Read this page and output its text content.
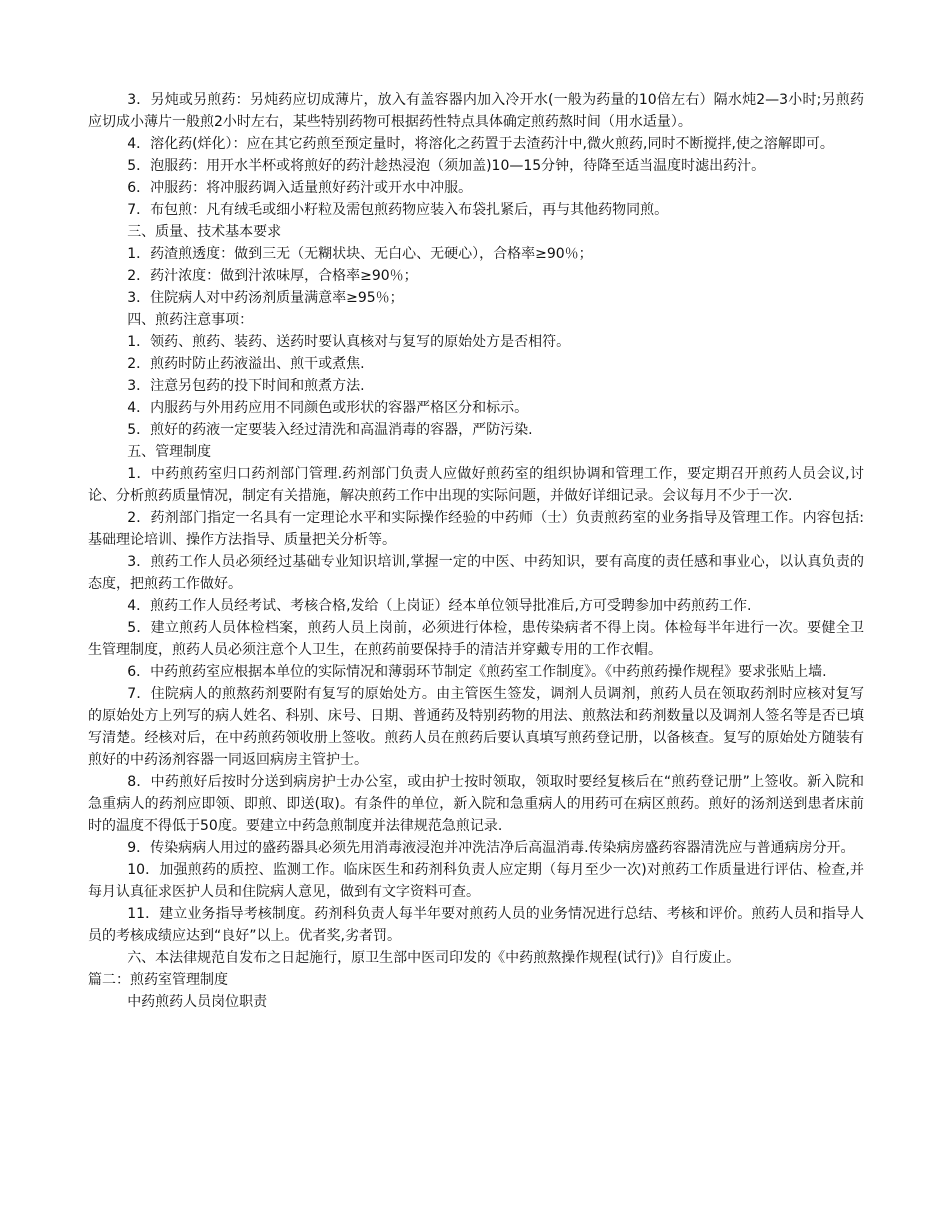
3．另炖或另煎药：另炖药应切成薄片，放入有盖容器内加入冷开水(一般为药量的10倍左右）隔水炖2—3小时;另煎药应切成小薄片一般煎2小时左右，某些特别药物可根据药性特点具体确定煎药熬时间（用水适量）。

4．溶化药(烊化）：应在其它药煎至预定量时，将溶化之药置于去渣药汁中,微火煎药,同时不断搅拌,使之溶解即可。

5．泡服药：用开水半杯或将煎好的药汁趁热浸泡（须加盖)10—15分钟，待降至适当温度时滤出药汁。

6．冲服药：将冲服药调入适量煎好药汁或开水中冲服。

7．布包煎：凡有绒毛或细小籽粒及需包煎药物应装入布袋扎紧后，再与其他药物同煎。

三、质量、技术基本要求

1．药渣煎透度：做到三无（无糊状块、无白心、无硬心），合格率≥90％；

2．药汁浓度：做到汁浓味厚，合格率≥90％；

3．住院病人对中药汤剂质量满意率≥95％；

四、煎药注意事项：

1．领药、煎药、装药、送药时要认真核对与复写的原始处方是否相符。

2．煎药时防止药液溢出、煎干或煮焦.

3．注意另包药的投下时间和煎煮方法.

4．内服药与外用药应用不同颜色或形状的容器严格区分和标示。

5．煎好的药液一定要装入经过清洗和高温消毒的容器，严防污染.

五、管理制度

1．中药煎药室归口药剂部门管理.药剂部门负责人应做好煎药室的组织协调和管理工作，要定期召开煎药人员会议,讨论、分析煎药质量情况，制定有关措施，解决煎药工作中出现的实际问题，并做好详细记录。会议每月不少于一次.

2．药剂部门指定一名具有一定理论水平和实际操作经验的中药师（士）负责煎药室的业务指导及管理工作。内容包括:基础理论培训、操作方法指导、质量把关分析等。

3．煎药工作人员必须经过基础专业知识培训,掌握一定的中医、中药知识，要有高度的责任感和事业心，以认真负责的态度，把煎药工作做好。

4．煎药工作人员经考试、考核合格,发给（上岗证）经本单位领导批准后,方可受聘参加中药煎药工作.

5．建立煎药人员体检档案，煎药人员上岗前，必须进行体检，患传染病者不得上岗。体检每半年进行一次。要健全卫生管理制度，煎药人员必须注意个人卫生，在煎药前要保持手的清洁并穿戴专用的工作衣帽。

6．中药煎药室应根据本单位的实际情况和薄弱环节制定《煎药室工作制度》。《中药煎药操作规程》要求张贴上墙.

7．住院病人的煎熬药剂要附有复写的原始处方。由主管医生签发，调剂人员调剂，煎药人员在领取药剂时应核对复写的原始处方上列写的病人姓名、科别、床号、日期、普通药及特别药物的用法、煎熬法和药剂数量以及调剂人签名等是否已填写清楚。经核对后，在中药煎药领收册上签收。煎药人员在煎药后要认真填写煎药登记册，以备核查。复写的原始处方随装有煎好的中药汤剂容器一同返回病房主管护士。

8．中药煎好后按时分送到病房护士办公室，或由护士按时领取，领取时要经复核后在“煎药登记册”上签收。新入院和急重病人的药剂应即领、即煎、即送(取)。有条件的单位，新入院和急重病人的用药可在病区煎药。煎好的汤剂送到患者床前时的温度不得低于50度。要建立中药急煎制度并法律规范急煎记录.

9．传染病病人用过的盛药器具必须先用消毒液浸泡并冲洗洁净后高温消毒.传染病房盛药容器清洗应与普通病房分开。

10．加强煎药的质控、监测工作。临床医生和药剂科负责人应定期（每月至少一次)对煎药工作质量进行评估、检查,并每月认真征求医护人员和住院病人意见，做到有文字资料可查。

11．建立业务指导考核制度。药剂科负责人每半年要对煎药人员的业务情况进行总结、考核和评价。煎药人员和指导人员的考核成绩应达到“良好”以上。优者奖,劣者罚。

六、本法律规范自发布之日起施行，原卫生部中医司印发的《中药煎熬操作规程(试行)》自行废止。

篇二：煎药室管理制度

中药煎药人员岗位职责
